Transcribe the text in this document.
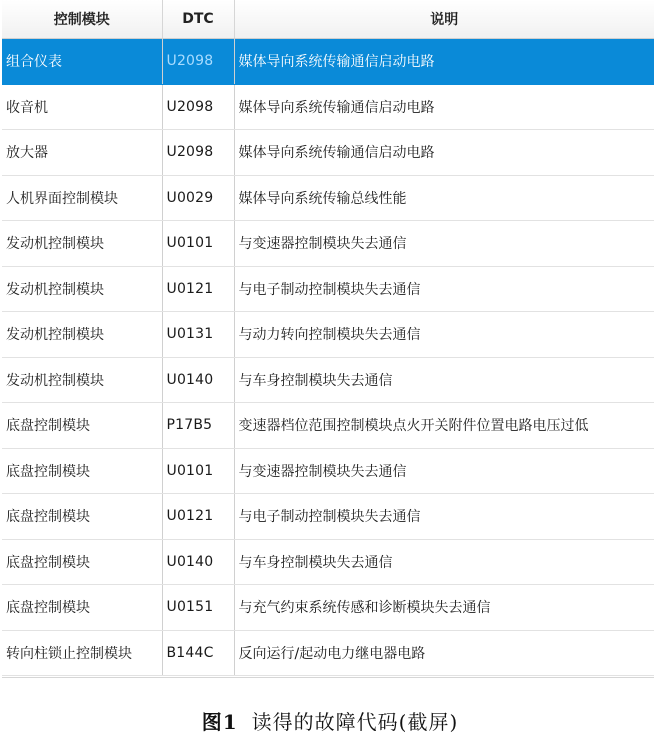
控制模块	DTC	说明
组合仪表	U2098	媒体导向系统传输通信启动电路
收音机	U2098	媒体导向系统传输通信启动电路
放大器	U2098	媒体导向系统传输通信启动电路
人机界面控制模块	U0029	媒体导向系统传输总线性能
发动机控制模块	U0101	与变速器控制模块失去通信
发动机控制模块	U0121	与电子制动控制模块失去通信
发动机控制模块	U0131	与动力转向控制模块失去通信
发动机控制模块	U0140	与车身控制模块失去通信
底盘控制模块	P17B5	变速器档位范围控制模块点火开关附件位置电路电压过低
底盘控制模块	U0101	与变速器控制模块失去通信
底盘控制模块	U0121	与电子制动控制模块失去通信
底盘控制模块	U0140	与车身控制模块失去通信
底盘控制模块	U0151	与充气约束系统传感和诊断模块失去通信
转向柱锁止控制模块	B144C	反向运行/起动电力继电器电路
图1 读得的故障代码(截屏)
